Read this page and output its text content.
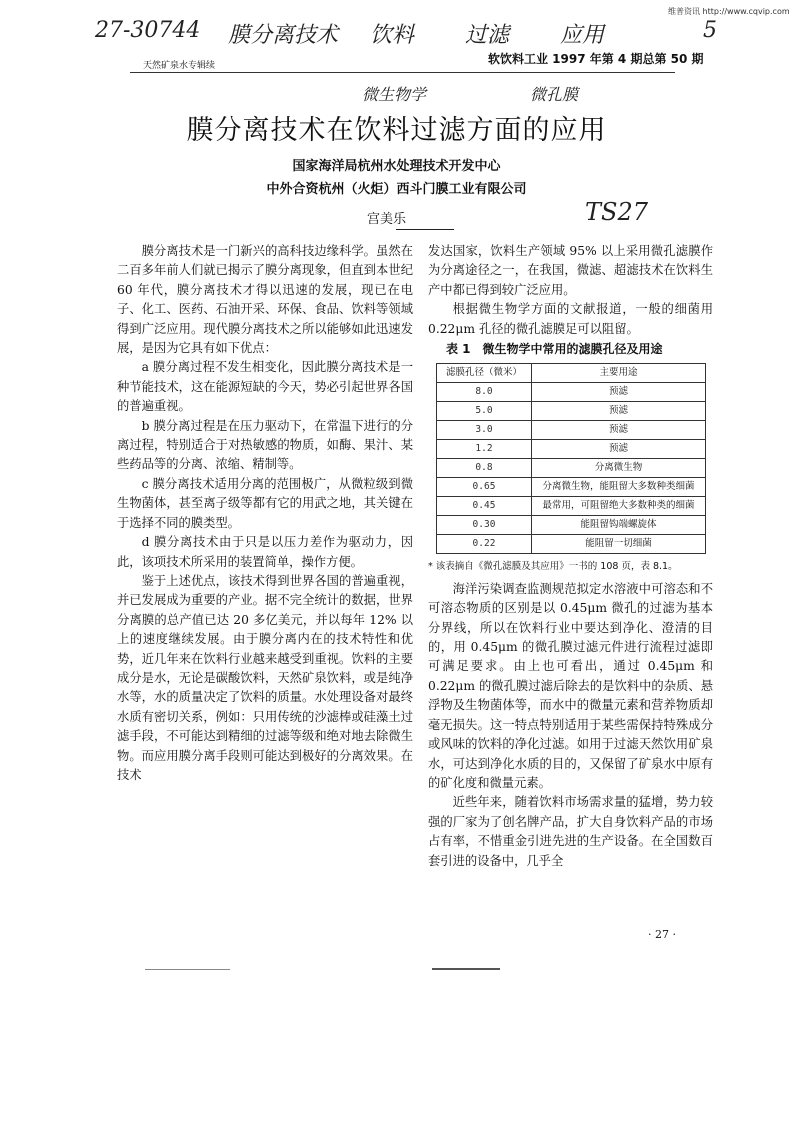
维普资讯 http://www.cqvip.com
27-30744 膜分离技术 饮料 过滤 应用	5
天然矿泉水专辑续	软饮料工业 1997 年第 4 期总第 50 期
微生物学	微孔膜
膜分离技术在饮料过滤方面的应用
国家海洋局杭州水处理技术开发中心
中外合资杭州（火炬）西斗门膜工业有限公司
宫美乐	TS27

膜分离技术是一门新兴的高科技边缘科学。虽然在二百多年前人们就已揭示了膜分离现象，但直到本世纪 60 年代，膜分离技术才得以迅速的发展，现已在电子、化工、医药、石油开采、环保、食品、饮料等领域得到广泛应用。现代膜分离技术之所以能够如此迅速发展，是因为它具有如下优点：

a 膜分离过程不发生相变化，因此膜分离技术是一种节能技术，这在能源短缺的今天，势必引起世界各国的普遍重视。

b 膜分离过程是在压力驱动下，在常温下进行的分离过程，特别适合于对热敏感的物质，如酶、果汁、某些药品等的分离、浓缩、精制等。

c 膜分离技术适用分离的范围极广，从微粒级到微生物菌体，甚至离子级等都有它的用武之地，其关键在于选择不同的膜类型。

d 膜分离技术由于只是以压力差作为驱动力，因此，该项技术所采用的装置简单，操作方便。

鉴于上述优点，该技术得到世界各国的普遍重视，并已发展成为重要的产业。据不完全统计的数据，世界分离膜的总产值已达 20 多亿美元，并以每年 12% 以上的速度继续发展。由于膜分离内在的技术特性和优势，近几年来在饮料行业越来越受到重视。饮料的主要成分是水，无论是碳酸饮料，天然矿泉饮料，或是纯净水等，水的质量决定了饮料的质量。水处理设备对最终水质有密切关系，例如：只用传统的沙滤棒或硅藻土过滤手段，不可能达到精细的过滤等级和绝对地去除微生物。而应用膜分离手段则可能达到极好的分离效果。在技术

发达国家，饮料生产领域 95% 以上采用微孔滤膜作为分离途径之一，在我国，微滤、超滤技术在饮料生产中都已得到较广泛应用。

根据微生物学方面的文献报道，一般的细菌用 0.22μm 孔径的微孔滤膜足可以阻留。

表 1　微生物学中常用的滤膜孔径及用途

滤膜孔径（微米）	主要用途
8.0	预滤
5.0	预滤
3.0	预滤
1.2	预滤
0.8	分离微生物
0.65	分离微生物，能阻留大多数种类细菌
0.45	最常用，可阻留绝大多数种类的细菌
0.30	能阻留钩端螺旋体
0.22	能阻留一切细菌

* 该表摘自《微孔滤膜及其应用》一书的 108 页，表 8.1。

海洋污染调查监测规范拟定水溶液中可溶态和不可溶态物质的区别是以 0.45μm 微孔的过滤为基本分界线，所以在饮料行业中要达到净化、澄清的目的，用 0.45μm 的微孔膜过滤元件进行流程过滤即可满足要求。由上也可看出，通过 0.45μm 和 0.22μm 的微孔膜过滤后除去的是饮料中的杂质、悬浮物及生物菌体等，而水中的微量元素和营养物质却毫无损失。这一特点特别适用于某些需保持特殊成分或风味的饮料的净化过滤。如用于过滤天然饮用矿泉水，可达到净化水质的目的，又保留了矿泉水中原有的矿化度和微量元素。

近些年来，随着饮料市场需求量的猛增，势力较强的厂家为了创名牌产品，扩大自身饮料产品的市场占有率，不惜重金引进先进的生产设备。在全国数百套引进的设备中，几乎全

· 27 ·
